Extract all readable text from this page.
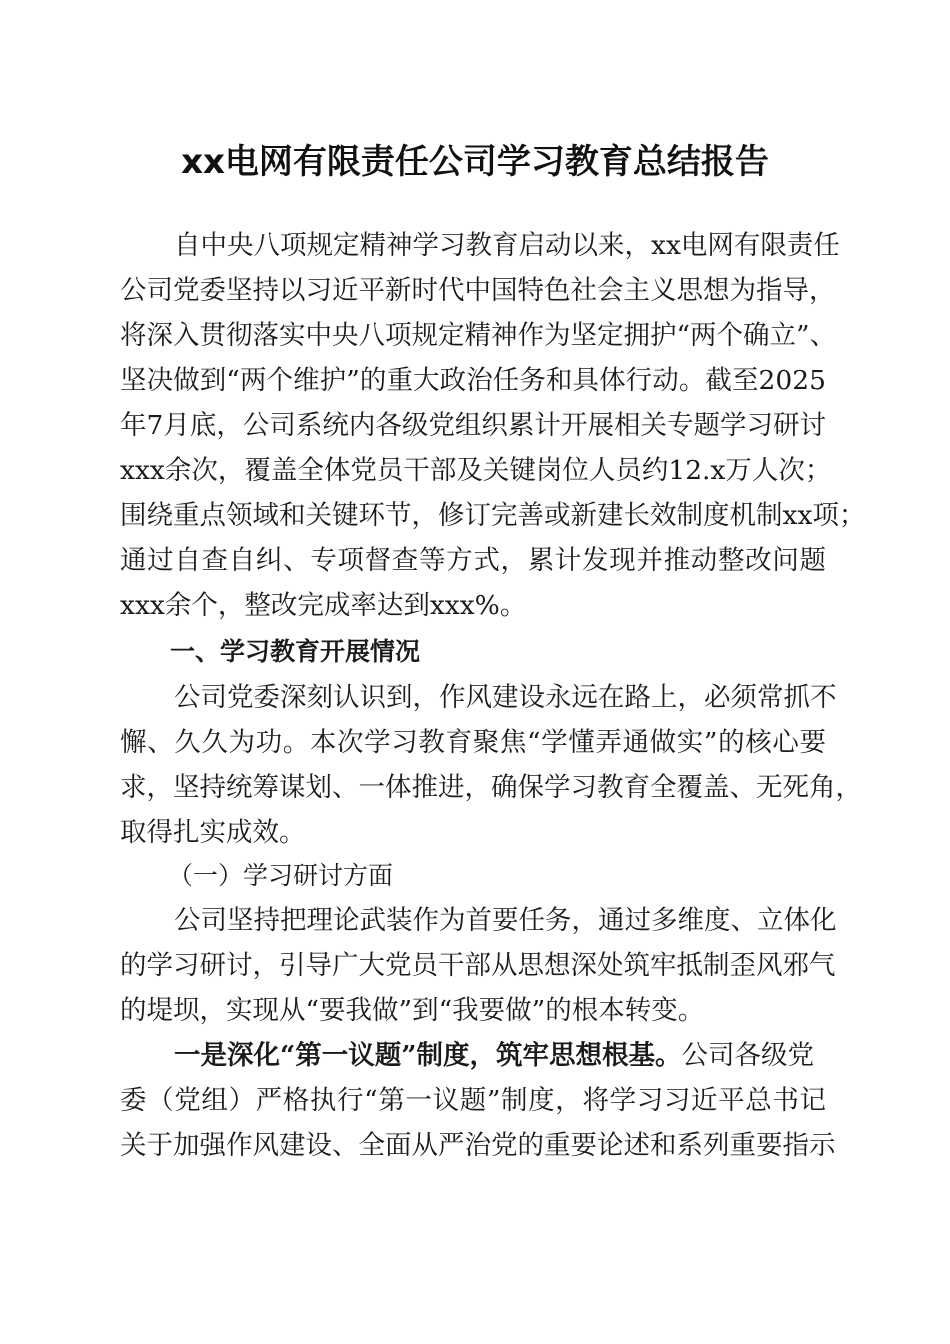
xx电网有限责任公司学习教育总结报告

自中央八项规定精神学习教育启动以来，xx电网有限责任

公司党委坚持以习近平新时代中国特色社会主义思想为指导，

将深入贯彻落实中央八项规定精神作为坚定拥护“两个确立”、

坚决做到“两个维护”的重大政治任务和具体行动。截至2025

年7月底，公司系统内各级党组织累计开展相关专题学习研讨

xxx余次，覆盖全体党员干部及关键岗位人员约12.x万人次；

围绕重点领域和关键环节，修订完善或新建长效制度机制xx项；

通过自查自纠、专项督查等方式，累计发现并推动整改问题

xxx余个，整改完成率达到xxx%。

一、学习教育开展情况

公司党委深刻认识到，作风建设永远在路上，必须常抓不

懈、久久为功。本次学习教育聚焦“学懂弄通做实”的核心要

求，坚持统筹谋划、一体推进，确保学习教育全覆盖、无死角，

取得扎实成效。

（一）学习研讨方面

公司坚持把理论武装作为首要任务，通过多维度、立体化

的学习研讨，引导广大党员干部从思想深处筑牢抵制歪风邪气

的堤坝，实现从“要我做”到“我要做”的根本转变。

一是深化“第一议题”制度，筑牢思想根基。公司各级党

委（党组）严格执行“第一议题”制度，将学习习近平总书记

关于加强作风建设、全面从严治党的重要论述和系列重要指示
